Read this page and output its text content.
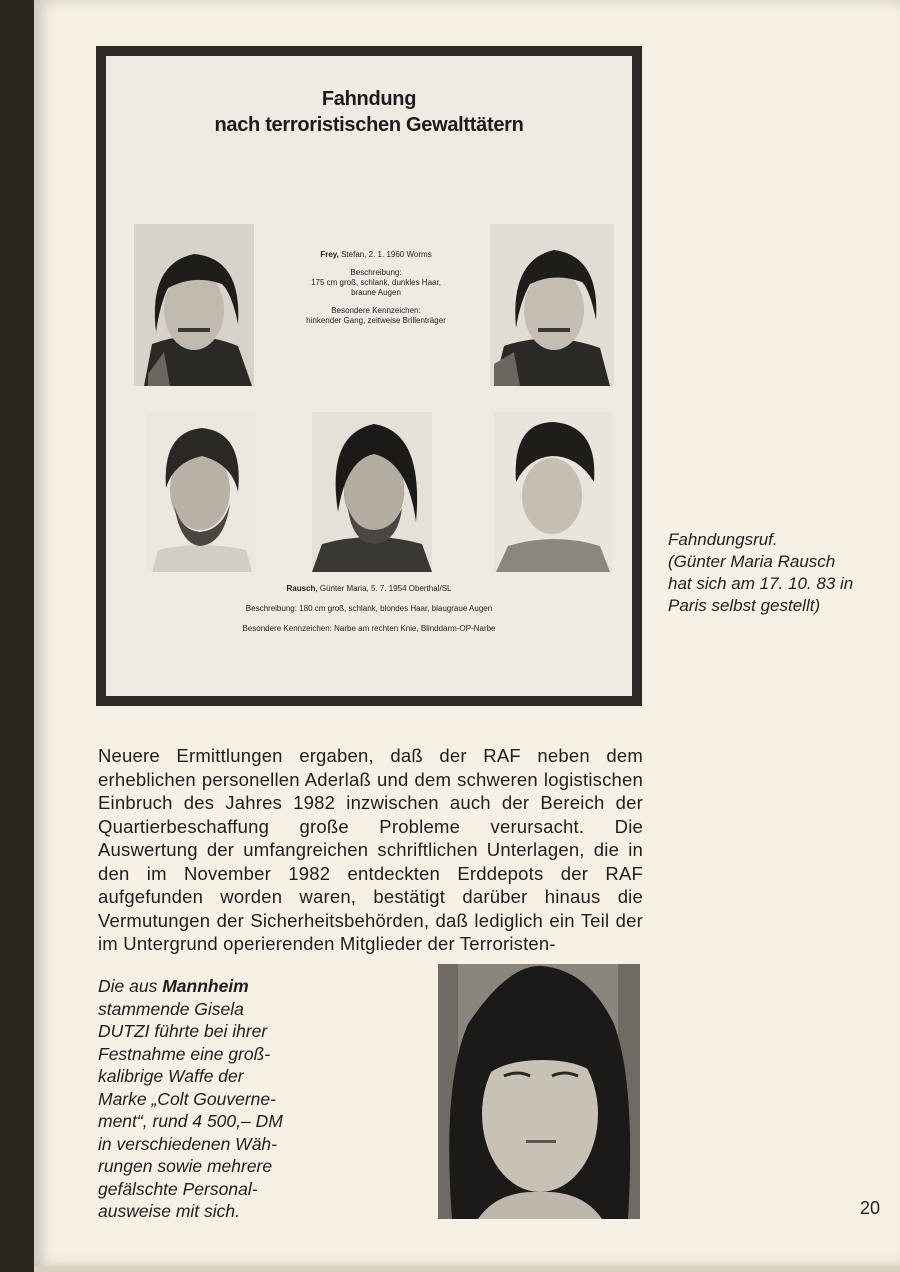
Fahndung
nach terroristischen Gewalttätern

Frey, Stefan, 2. 1. 1960 Worms

Beschreibung:
175 cm groß, schlank, dunkles Haar,
braune Augen

Besondere Kennzeichen:
hinkender Gang, zeitweise Brillenträger

Rausch, Günter Maria, 5. 7. 1954 Oberthal/SL

Beschreibung: 180 cm groß, schlank, blondes Haar, blaugraue Augen

Besondere Kennzeichen: Narbe am rechten Knie, Blinddarm-OP-Narbe

Fahndungsruf.
(Günter Maria Rausch
hat sich am 17. 10. 83 in
Paris selbst gestellt)

Neuere Ermittlungen ergaben, daß der RAF neben dem erheblichen personellen Aderlaß und dem schweren logistischen Einbruch des Jahres 1982 inzwischen auch der Bereich der Quartierbeschaffung große Probleme verursacht. Die Auswertung der umfangreichen schriftlichen Unterlagen, die in den im November 1982 entdeckten Erddepots der RAF aufgefunden worden waren, bestätigt darüber hinaus die Vermutungen der Sicherheitsbehörden, daß lediglich ein Teil der im Untergrund operierenden Mitglieder der Terroristen-

Die aus Mannheim
stammende Gisela
DUTZI führte bei ihrer
Festnahme eine groß-
kalibrige Waffe der
Marke „Colt Gouverne-
ment“, rund 4 500,– DM
in verschiedenen Wäh-
rungen sowie mehrere
gefälschte Personal-
ausweise mit sich.	20
